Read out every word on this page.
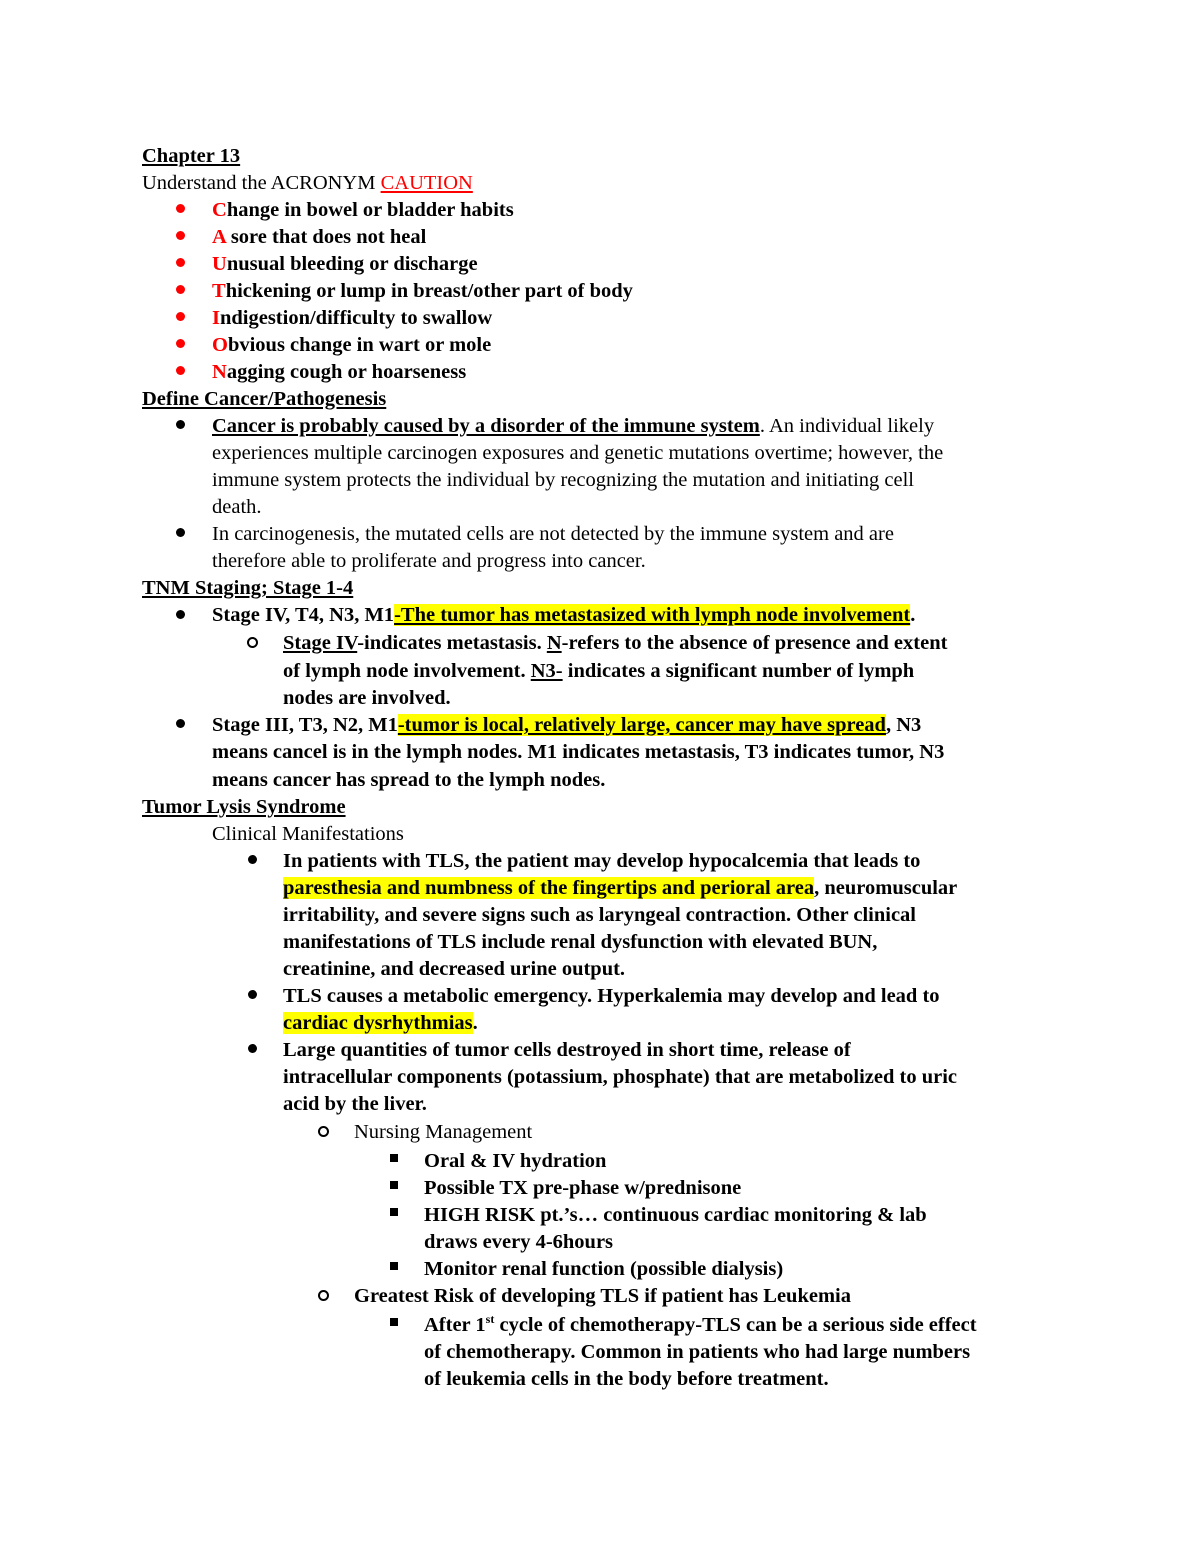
Chapter 13
Understand the ACRONYM CAUTION
Change in bowel or bladder habits
A sore that does not heal
Unusual bleeding or discharge
Thickening or lump in breast/other part of body
Indigestion/difficulty to swallow
Obvious change in wart or mole
Nagging cough or hoarseness
Define Cancer/Pathogenesis
Cancer is probably caused by a disorder of the immune system. An individual likely
experiences multiple carcinogen exposures and genetic mutations overtime; however, the
immune system protects the individual by recognizing the mutation and initiating cell
death.
In carcinogenesis, the mutated cells are not detected by the immune system and are
therefore able to proliferate and progress into cancer.
TNM Staging; Stage 1-4
Stage IV, T4, N3, M1-The tumor has metastasized with lymph node involvement.
Stage IV-indicates metastasis. N-refers to the absence of presence and extent
of lymph node involvement. N3- indicates a significant number of lymph
nodes are involved.
Stage III, T3, N2, M1-tumor is local, relatively large, cancer may have spread, N3
means cancel is in the lymph nodes. M1 indicates metastasis, T3 indicates tumor, N3
means cancer has spread to the lymph nodes.
Tumor Lysis Syndrome
Clinical Manifestations
In patients with TLS, the patient may develop hypocalcemia that leads to
paresthesia and numbness of the fingertips and perioral area, neuromuscular
irritability, and severe signs such as laryngeal contraction. Other clinical
manifestations of TLS include renal dysfunction with elevated BUN,
creatinine, and decreased urine output.
TLS causes a metabolic emergency. Hyperkalemia may develop and lead to
cardiac dysrhythmias.
Large quantities of tumor cells destroyed in short time, release of
intracellular components (potassium, phosphate) that are metabolized to uric
acid by the liver.
Nursing Management
Oral & IV hydration
Possible TX pre-phase w/prednisone
HIGH RISK pt.’s… continuous cardiac monitoring & lab
draws every 4-6hours
Monitor renal function (possible dialysis)
Greatest Risk of developing TLS if patient has Leukemia
After 1st cycle of chemotherapy-TLS can be a serious side effect
of chemotherapy. Common in patients who had large numbers
of leukemia cells in the body before treatment.
